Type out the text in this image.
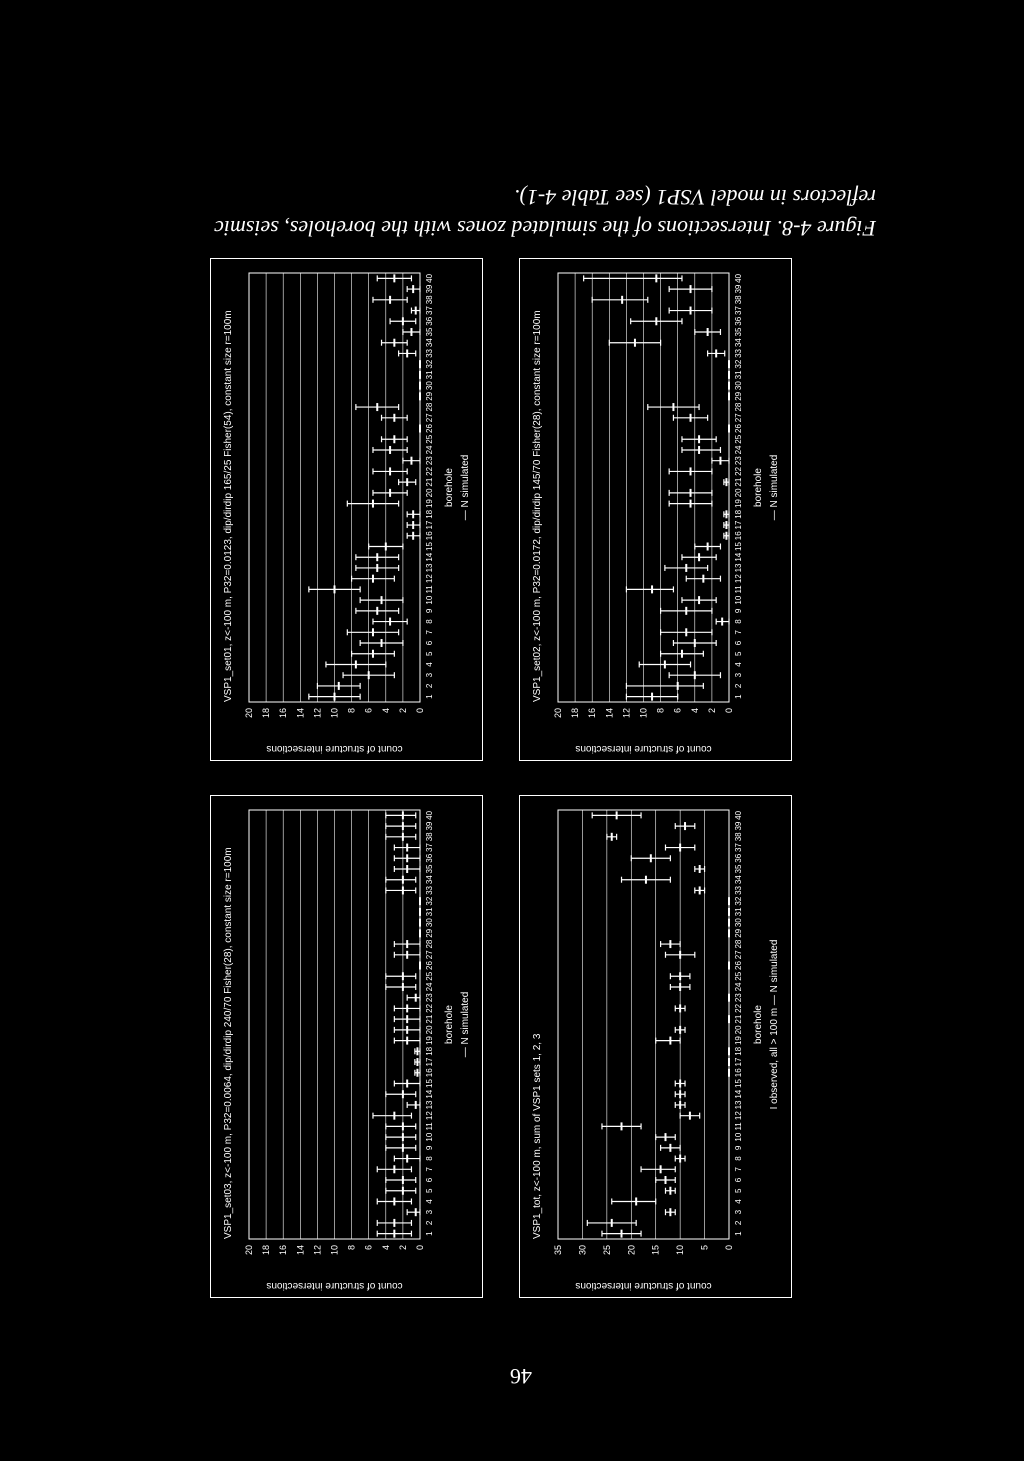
Figure 4-8. Intersections of the simulated zones with the boreholes, seismic reflectors in model VSP1 (see Table 4-1).
46
0
2
4
6
8
10
12
14
16
18
20
1
2
3
4
5
6
7
8
9
10
11
12
13
14
15
16
17
18
19
20
21
22
23
24
25
26
27
28
29
30
31
32
33
34
35
36
37
38
39
40
VSP1_set02, z<-100 m, P32=0.0172, dip/dirdip 145/70 Fisher(28), constant size r=100m
count of structure intersections
borehole — N simulated
0
2
4
6
8
10
12
14
16
18
20
1
2
3
4
5
6
7
8
9
10
11
12
13
14
15
16
17
18
19
20
21
22
23
24
25
26
27
28
29
30
31
32
33
34
35
36
37
38
39
40
VSP1_set01, z<-100 m, P32=0.0123, dip/dirdip 165/25 Fisher(54), constant size r=100m
count of structure intersections
borehole — N simulated
0
5
10
15
20
25
30
35
1
2
3
4
5
6
7
8
9
10
11
12
13
14
15
16
17
18
19
20
21
22
23
24
25
26
27
28
29
30
31
32
33
34
35
36
37
38
39
40
VSP1_tot, z<-100 m, sum of VSP1 sets 1, 2, 3
count of structure intersections
borehole I observed, all > 100 m — N simulated
0
2
4
6
8
10
12
14
16
18
20
1
2
3
4
5
6
7
8
9
10
11
12
13
14
15
16
17
18
19
20
21
22
23
24
25
26
27
28
29
30
31
32
33
34
35
36
37
38
39
40
VSP1_set03, z<-100 m, P32=0.0064, dip/dirdip 240/70 Fisher(28), constant size r=100m
count of structure intersections
borehole — N simulated
